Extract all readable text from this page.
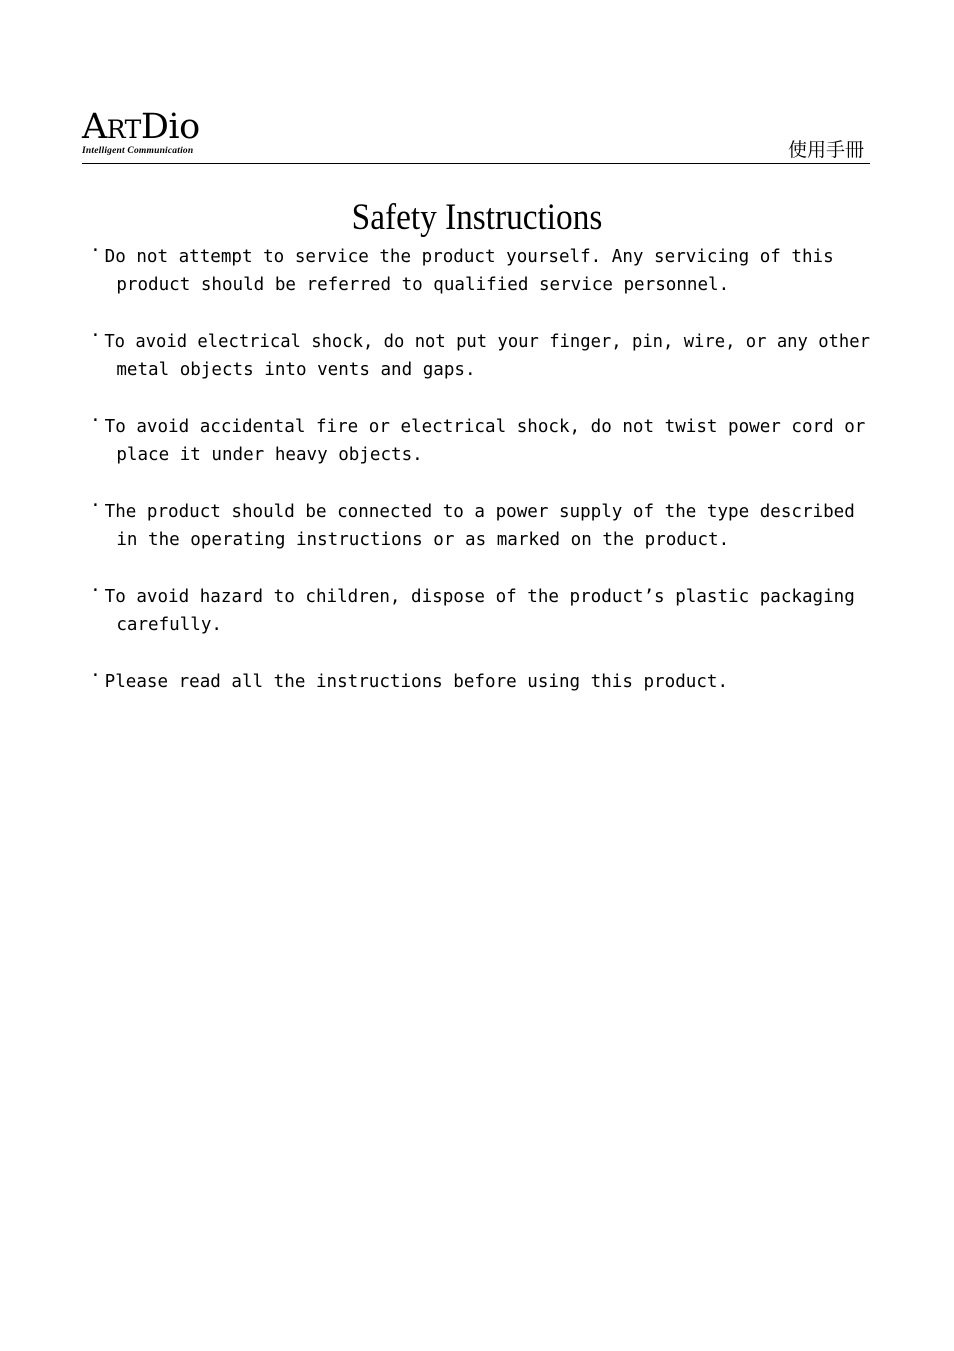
ARTDio
Intelligent Communication	使用手冊
Safety Instructions
· Do not attempt to service the product yourself. Any servicing of this
product should be referred to qualified service personnel.
· To avoid electrical shock, do not put your finger, pin, wire, or any other
metal objects into vents and gaps.
· To avoid accidental fire or electrical shock, do not twist power cord or
place it under heavy objects.
· The product should be connected to a power supply of the type described
in the operating instructions or as marked on the product.
· To avoid hazard to children, dispose of the product’s plastic packaging
carefully.
· Please read all the instructions before using this product.
